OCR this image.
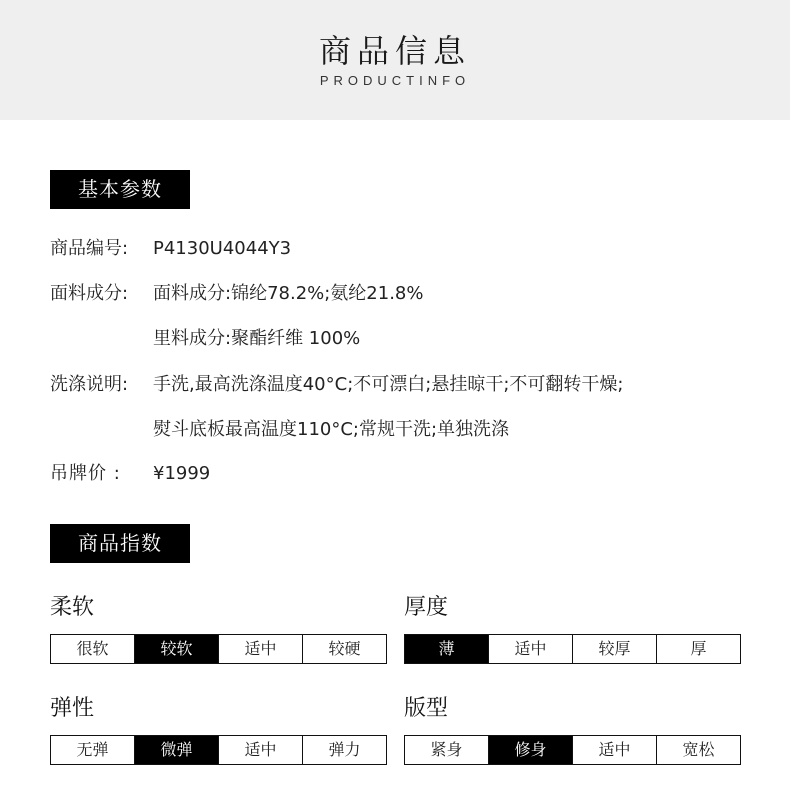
商品信息
PRODUCTINFO
基本参数
商品编号: P4130U4044Y3
面料成分: 面料成分:锦纶78.2%;氨纶21.8%
里料成分:聚酯纤维 100%
洗涤说明: 手洗,最高洗涤温度40°C;不可漂白;悬挂晾干;不可翻转干燥;
熨斗底板最高温度110°C;常规干洗;单独洗涤
吊牌价 : ¥1999
商品指数
柔软
很软	较软	适中	较硬
厚度
薄	适中	较厚	厚
弹性
无弹	微弹	适中	弹力
版型
紧身	修身	适中	宽松
